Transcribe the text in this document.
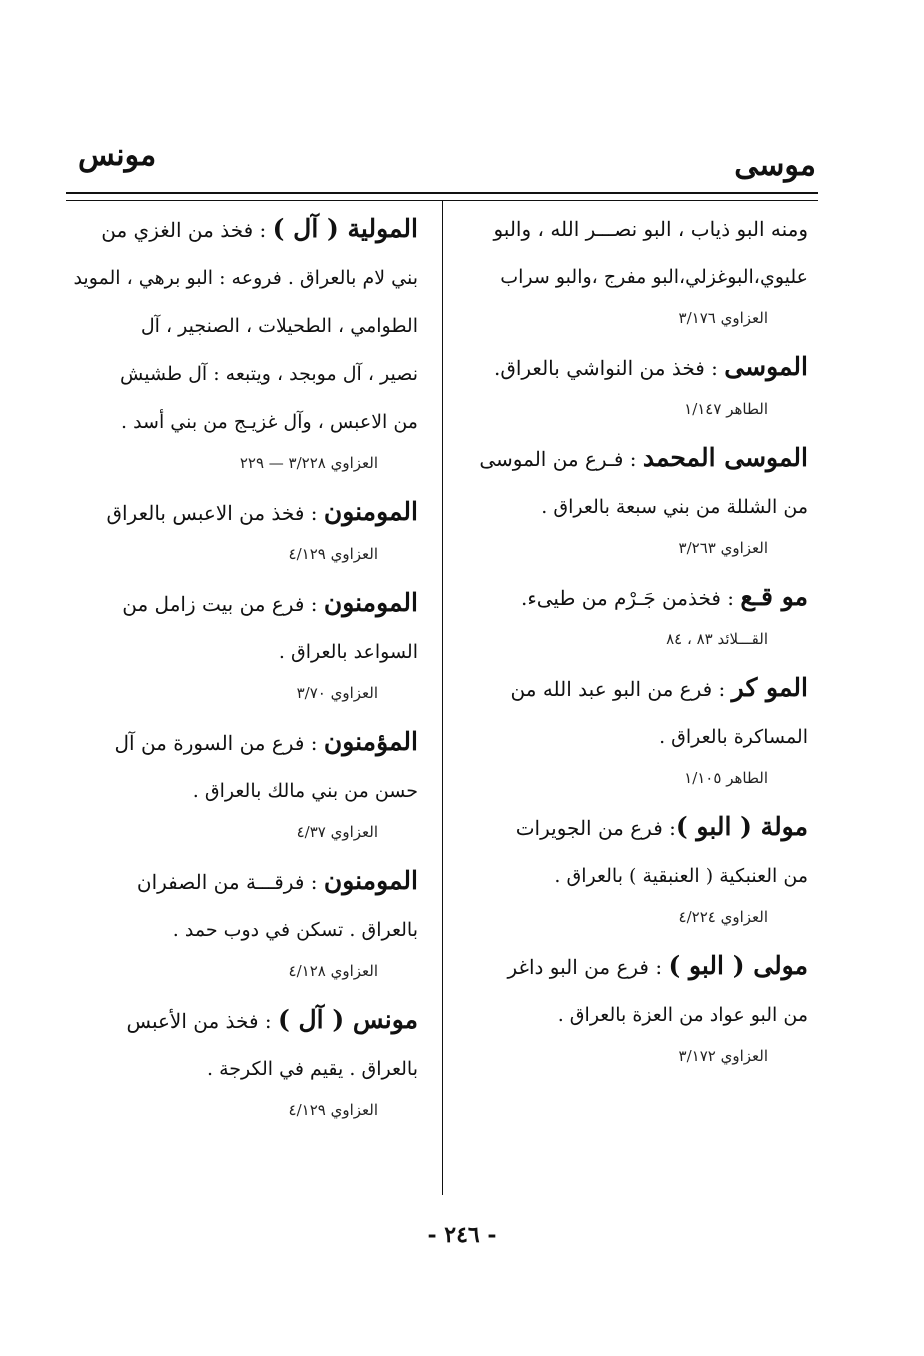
مونس	موسى
ومنه البو ذياب ، البو نصـــر الله ، والبو
عليوي،البوغزلي،البو مفرج ،والبو سراب
العزاوي ٣/١٧٦
الموسى : فخذ من النواشي بالعراق.
الطاهر ١/١٤٧
الموسى المحمد : فـرع من الموسى
من الشللة من بني سبعة بالعراق .
العزاوي ٣/٢٦٣
مو قـع : فخذمن جَـرْم من طيىء.
القـــلائد ٨٣ ، ٨٤
المو كر : فرع من البو عبد الله من
المساكرة بالعراق .
الطاهر ١/١٠٥
مولة ( البو ): فرع من الجويرات
من العنبكية ( العنبقية ) بالعراق .
العزاوي ٤/٢٢٤
مولى ( البو ) : فرع من البو داغر
من البو عواد من العزة بالعراق .
العزاوي ٣/١٧٢
المولية ( آل ) : فخذ من الغزي من
بني لام بالعراق . فروعه : البو برهي ، المويد
الطوامي ، الطحيلات ، الصنجير ، آل
نصير ، آل موبجد ، ويتبعه : آل طشيش
من الاعبس ، وآل غزيـج من بني أسد .
العزاوي ٣/٢٢٨ — ٢٢٩
المومنون : فخذ من الاعبس بالعراق
العزاوي ٤/١٢٩
المومنون : فرع من بيت زامل من
السواعد بالعراق .
العزاوي ٣/٧٠
المؤمنون : فرع من السورة من آل
حسن من بني مالك بالعراق .
العزاوي ٤/٣٧
المومنون : فرقـــة من الصفران
بالعراق . تسكن في دوب حمد .
العزاوي ٤/١٢٨
مونس ( آل ) : فخذ من الأعبس
بالعراق . يقيم في الكرجة .
العزاوي ٤/١٢٩
- ٢٤٦ -
